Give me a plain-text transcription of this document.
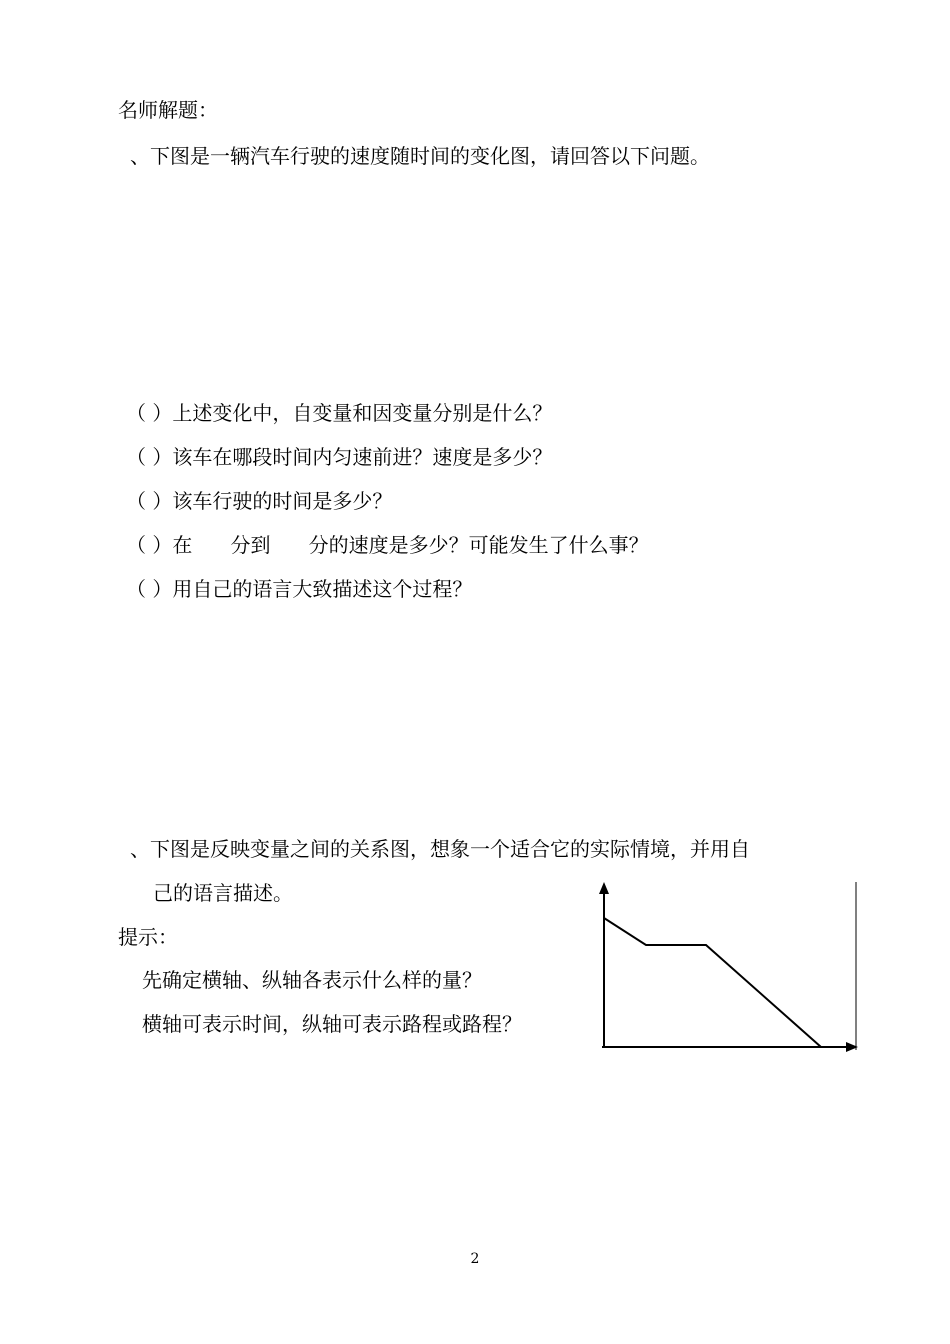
名师解题：
、下图是一辆汽车行驶的速度随时间的变化图，请回答以下问题。
（ ）上述变化中，自变量和因变量分别是什么？
（ ）该车在哪段时间内匀速前进？速度是多少？
（ ）该车行驶的时间是多少？
（ ）在      分到      分的速度是多少？可能发生了什么事？
（ ）用自己的语言大致描述这个过程？
、下图是反映变量之间的关系图，想象一个适合它的实际情境，并用自
己的语言描述。
提示：
先确定横轴、纵轴各表示什么样的量？
横轴可表示时间，纵轴可表示路程或路程？
2
